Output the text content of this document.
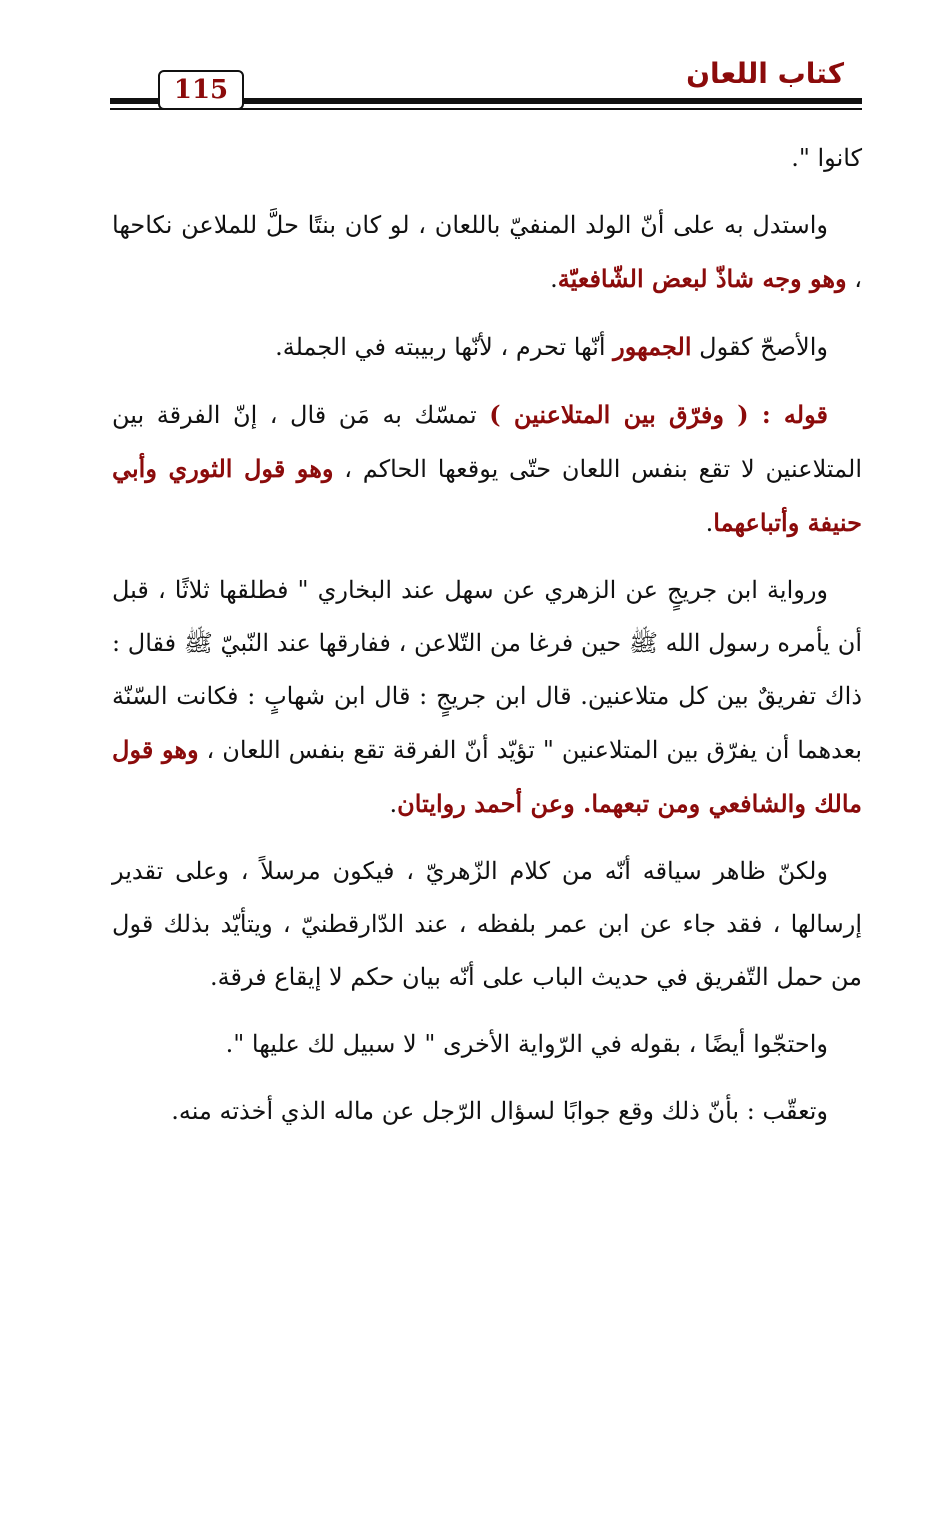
كتاب اللعان
115

كانوا ".

واستدل به على أنّ الولد المنفيّ باللعان ، لو كان بنتًا حلَّ للملاعن نكاحها ، وهو وجه شاذّ لبعض الشّافعيّة.

والأصحّ كقول الجمهور أنّها تحرم ، لأنّها ربيبته في الجملة.

قوله : ( وفرّق بين المتلاعنين ) تمسّك به مَن قال ، إنّ الفرقة بين المتلاعنين لا تقع بنفس اللعان حتّى يوقعها الحاكم ، وهو قول الثوري وأبي حنيفة وأتباعهما.

ورواية ابن جريجٍ عن الزهري عن سهل عند البخاري " فطلقها ثلاثًا ، قبل أن يأمره رسول الله ﷺ حين فرغا من التّلاعن ، ففارقها عند النّبيّ ﷺ فقال : ذاك تفريقٌ بين كل متلاعنين. قال ابن جريجٍ : قال ابن شهابٍ : فكانت السّنّة بعدهما أن يفرّق بين المتلاعنين " تؤيّد أنّ الفرقة تقع بنفس اللعان ، وهو قول مالك والشافعي ومن تبعهما. وعن أحمد روايتان.

ولكنّ ظاهر سياقه أنّه من كلام الزّهريّ ، فيكون مرسلاً ، وعلى تقدير إرسالها ، فقد جاء عن ابن عمر بلفظه ، عند الدّارقطنيّ ، ويتأيّد بذلك قول من حمل التّفريق في حديث الباب على أنّه بيان حكم لا إيقاع فرقة.

واحتجّوا أيضًا ، بقوله في الرّواية الأخرى " لا سبيل لك عليها ".

وتعقّب : بأنّ ذلك وقع جوابًا لسؤال الرّجل عن ماله الذي أخذته منه.
